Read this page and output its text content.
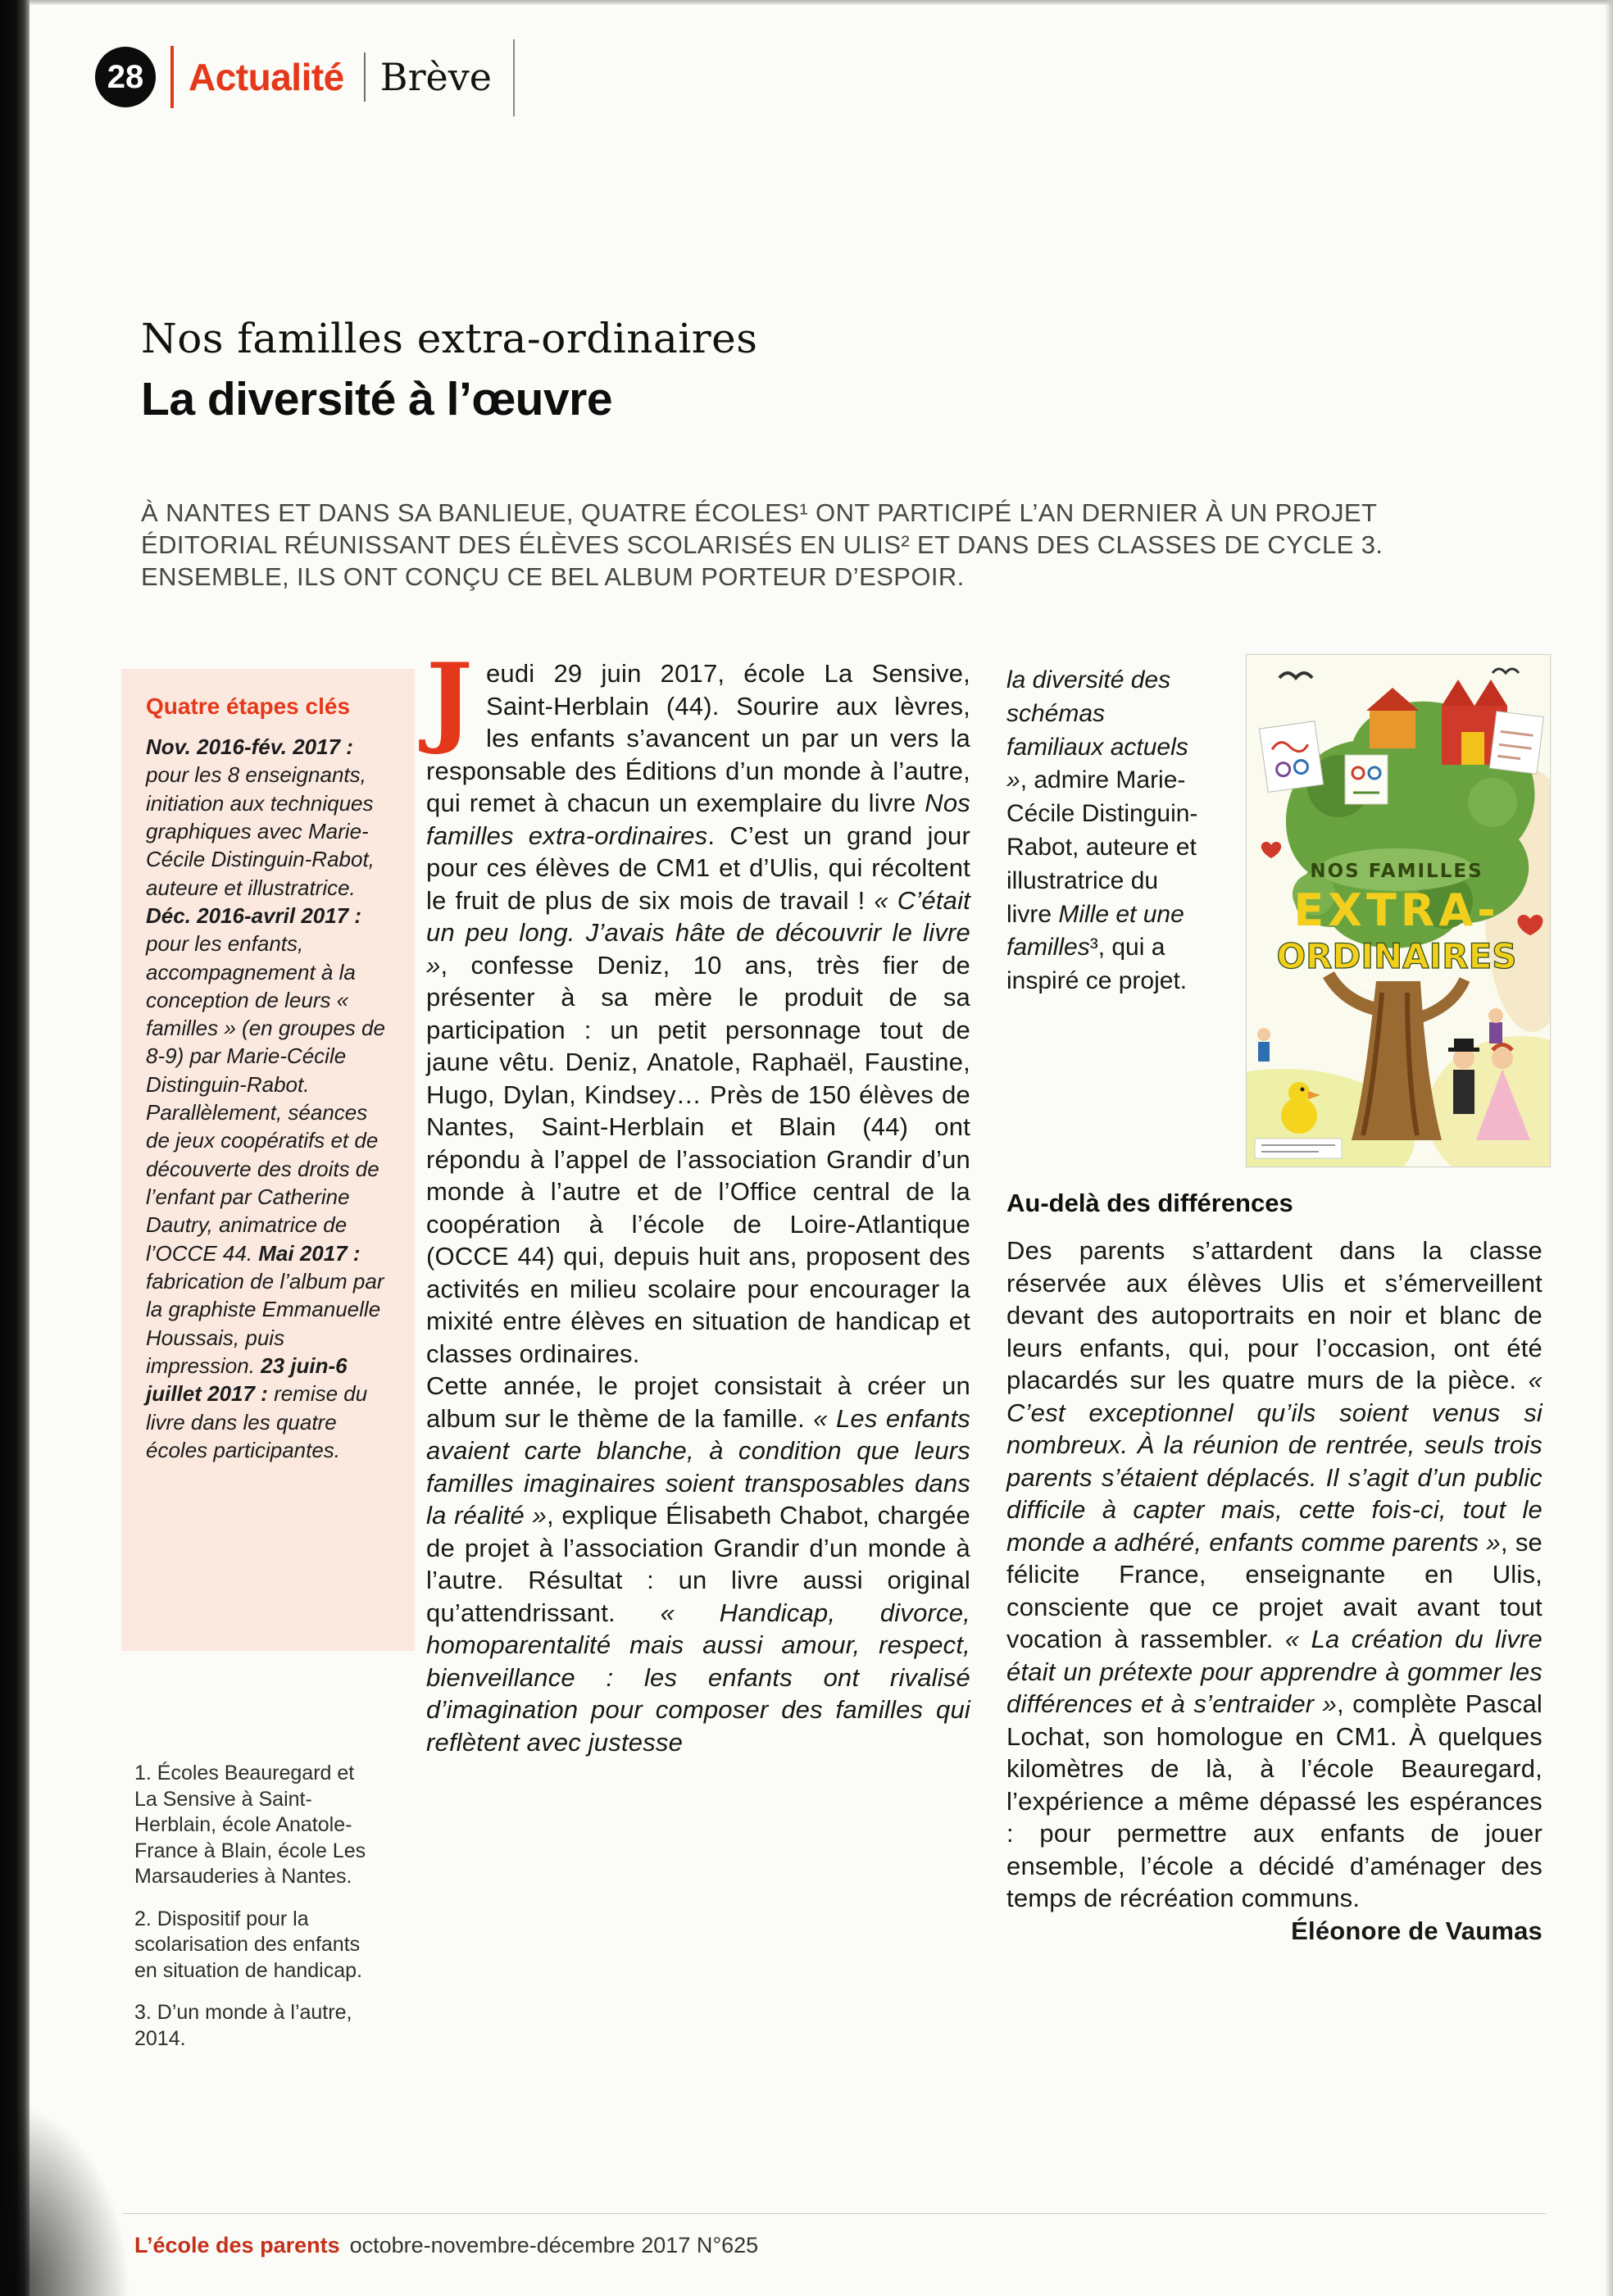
28	Actualité Brève
Nos familles extra-ordinaires
La diversité à l’œuvre
À NANTES ET DANS SA BANLIEUE, QUATRE ÉCOLES¹ ONT PARTICIPÉ L’AN DERNIER À UN PROJET ÉDITORIAL RÉUNISSANT DES ÉLÈVES SCOLARISÉS EN ULIS² ET DANS DES CLASSES DE CYCLE 3. ENSEMBLE, ILS ONT CONÇU CE BEL ALBUM PORTEUR D’ESPOIR.
Quatre étapes clés

Nov. 2016-fév. 2017 : pour les 8 enseignants, initiation aux techniques graphiques avec Marie-Cécile Distinguin-Rabot, auteure et illustratrice. Déc. 2016-avril 2017 : pour les enfants, accompagnement à la conception de leurs « familles » (en groupes de 8-9) par Marie-Cécile Distinguin-Rabot. Parallèlement, séances de jeux coopératifs et de découverte des droits de l’enfant par Catherine Dautry, animatrice de l’OCCE 44. Mai 2017 : fabrication de l’album par la graphiste Emmanuelle Houssais, puis impression. 23 juin-6 juillet 2017 : remise du livre dans les quatre écoles participantes.

1. Écoles Beauregard et La Sensive à Saint-Herblain, école Anatole-France à Blain, école Les Marsauderies à Nantes.

2. Dispositif pour la scolarisation des enfants en situation de handicap.

3. D’un monde à l’autre, 2014.

Jeudi 29 juin 2017, école La Sensive, Saint-Herblain (44). Sourire aux lèvres, les enfants s’avancent un par un vers la responsable des Éditions d’un monde à l’autre, qui remet à chacun un exemplaire du livre Nos familles extra-ordinaires. C’est un grand jour pour ces élèves de CM1 et d’Ulis, qui récoltent le fruit de plus de six mois de travail ! « C’était un peu long. J’avais hâte de découvrir le livre », confesse Deniz, 10 ans, très fier de présenter à sa mère le produit de sa participation : un petit personnage tout de jaune vêtu. Deniz, Anatole, Raphaël, Faustine, Hugo, Dylan, Kindsey… Près de 150 élèves de Nantes, Saint-Herblain et Blain (44) ont répondu à l’appel de l’association Grandir d’un monde à l’autre et de l’Office central de la coopération à l’école de Loire-Atlantique (OCCE 44) qui, depuis huit ans, proposent des activités en milieu scolaire pour encourager la mixité entre élèves en situation de handicap et classes ordinaires.

Cette année, le projet consistait à créer un album sur le thème de la famille. « Les enfants avaient carte blanche, à condition que leurs familles imaginaires soient transposables dans la réalité », explique Élisabeth Chabot, chargée de projet à l’association Grandir d’un monde à l’autre. Résultat : un livre aussi original qu’attendrissant. « Handicap, divorce, homoparentalité mais aussi amour, respect, bienveillance : les enfants ont rivalisé d’imagination pour composer des familles qui reflètent avec justesse

la diversité des schémas familiaux actuels », admire Marie-Cécile Distinguin-Rabot, auteure et illustratrice du livre Mille et une familles³, qui a inspiré ce projet.
NOS FAMILLES
EXTRA-
ORDINAIRES
Au-delà des différences
Des parents s’attardent dans la classe réservée aux élèves Ulis et s’émerveillent devant des autoportraits en noir et blanc de leurs enfants, qui, pour l’occasion, ont été placardés sur les quatre murs de la pièce. « C’est exceptionnel qu’ils soient venus si nombreux. À la réunion de rentrée, seuls trois parents s’étaient déplacés. Il s’agit d’un public difficile à capter mais, cette fois-ci, tout le monde a adhéré, enfants comme parents », se félicite France, enseignante en Ulis, consciente que ce projet avait avant tout vocation à rassembler. « La création du livre était un prétexte pour apprendre à gommer les différences et à s’entraider », complète Pascal Lochat, son homologue en CM1. À quelques kilomètres de là, à l’école Beauregard, l’expérience a même dépassé les espérances : pour permettre aux enfants de jouer ensemble, l’école a décidé d’aménager des temps de récréation communs.
Éléonore de Vaumas
L’école des parents octobre-novembre-décembre 2017 N°625
